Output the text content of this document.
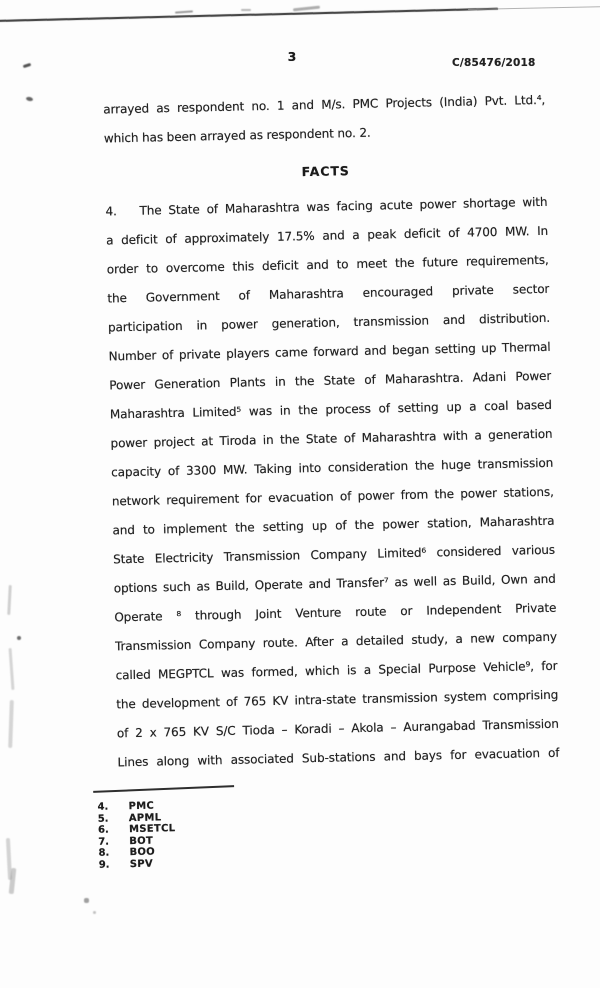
3	C/85476/2018
arrayed as respondent no. 1 and M/s. PMC Projects (India) Pvt. Ltd.⁴,
which has been arrayed as respondent no. 2.
FACTS
4.	The State of Maharashtra was facing acute power shortage with
a deficit of approximately 17.5% and a peak deficit of 4700 MW. In
order to overcome this deficit and to meet the future requirements,
the Government of Maharashtra encouraged private sector
participation in power generation, transmission and distribution.
Number of private players came forward and began setting up Thermal
Power Generation Plants in the State of Maharashtra. Adani Power
Maharashtra Limited⁵ was in the process of setting up a coal based
power project at Tiroda in the State of Maharashtra with a generation
capacity of 3300 MW. Taking into consideration the huge transmission
network requirement for evacuation of power from the power stations,
and to implement the setting up of the power station, Maharashtra
State Electricity Transmission Company Limited⁶ considered various
options such as Build, Operate and Transfer⁷ as well as Build, Own and
Operate ⁸ through Joint Venture route or Independent Private
Transmission Company route. After a detailed study, a new company
called MEGPTCL was formed, which is a Special Purpose Vehicle⁹, for
the development of 765 KV intra-state transmission system comprising
of 2 x 765 KV S/C Tioda – Koradi – Akola – Aurangabad Transmission
Lines along with associated Sub-stations and bays for evacuation of
4. PMC
5. APML
6. MSETCL
7. BOT
8. BOO
9. SPV
